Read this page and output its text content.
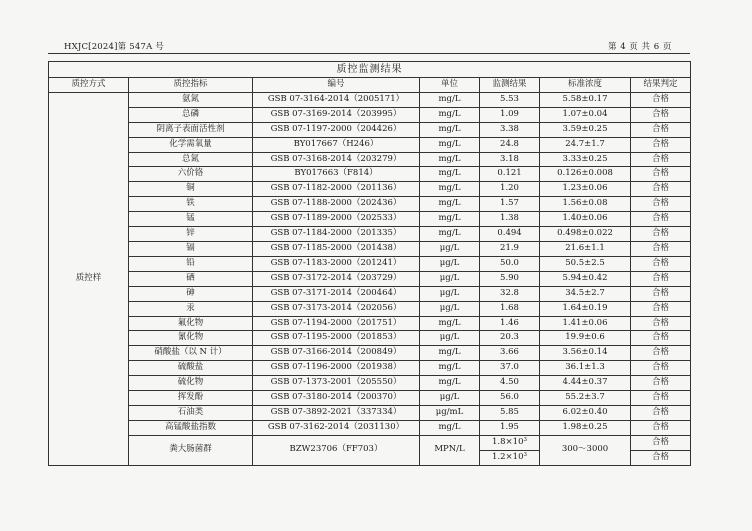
HXJC[2024]第 547A 号	第 4 页 共 6 页
质控监测结果						
质控方式	质控指标	编号	单位	监测结果	标准浓度	结果判定
质控样	氨氮	GSB 07-3164-2014（2005171）	mg/L	5.53	5.58±0.17	合格
	总磷	GSB 07-3169-2014（203995）	mg/L	1.09	1.07±0.04	合格
	阴离子表面活性剂	GSB 07-1197-2000（204426）	mg/L	3.38	3.59±0.25	合格
	化学需氧量	BY017667（H246）	mg/L	24.8	24.7±1.7	合格
	总氮	GSB 07-3168-2014（203279）	mg/L	3.18	3.33±0.25	合格
	六价铬	BY017663（F814）	mg/L	0.121	0.126±0.008	合格
	铜	GSB 07-1182-2000（201136）	mg/L	1.20	1.23±0.06	合格
	铁	GSB 07-1188-2000（202436）	mg/L	1.57	1.56±0.08	合格
	锰	GSB 07-1189-2000（202533）	mg/L	1.38	1.40±0.06	合格
	锌	GSB 07-1184-2000（201335）	mg/L	0.494	0.498±0.022	合格
	镉	GSB 07-1185-2000（201438）	μg/L	21.9	21.6±1.1	合格
	铅	GSB 07-1183-2000（201241）	μg/L	50.0	50.5±2.5	合格
	硒	GSB 07-3172-2014（203729）	μg/L	5.90	5.94±0.42	合格
	砷	GSB 07-3171-2014（200464）	μg/L	32.8	34.5±2.7	合格
	汞	GSB 07-3173-2014（202056）	μg/L	1.68	1.64±0.19	合格
	氟化物	GSB 07-1194-2000（201751）	mg/L	1.46	1.41±0.06	合格
	氰化物	GSB 07-1195-2000（201853）	μg/L	20.3	19.9±0.6	合格
	硝酸盐（以 N 计）	GSB 07-3166-2014（200849）	mg/L	3.66	3.56±0.14	合格
	硫酸盐	GSB 07-1196-2000（201938）	mg/L	37.0	36.1±1.3	合格
	硫化物	GSB 07-1373-2001（205550）	mg/L	4.50	4.44±0.37	合格
	挥发酚	GSB 07-3180-2014（200370）	μg/L	56.0	55.2±3.7	合格
	石油类	GSB 07-3892-2021（337334）	μg/mL	5.85	6.02±0.40	合格
	高锰酸盐指数	GSB 07-3162-2014（2031130）	mg/L	1.95	1.98±0.25	合格
	粪大肠菌群	BZW23706（FF703）	MPN/L	$1.8\times 10^3$	300～3000	合格
				$1.2\times 10^3$		合格
